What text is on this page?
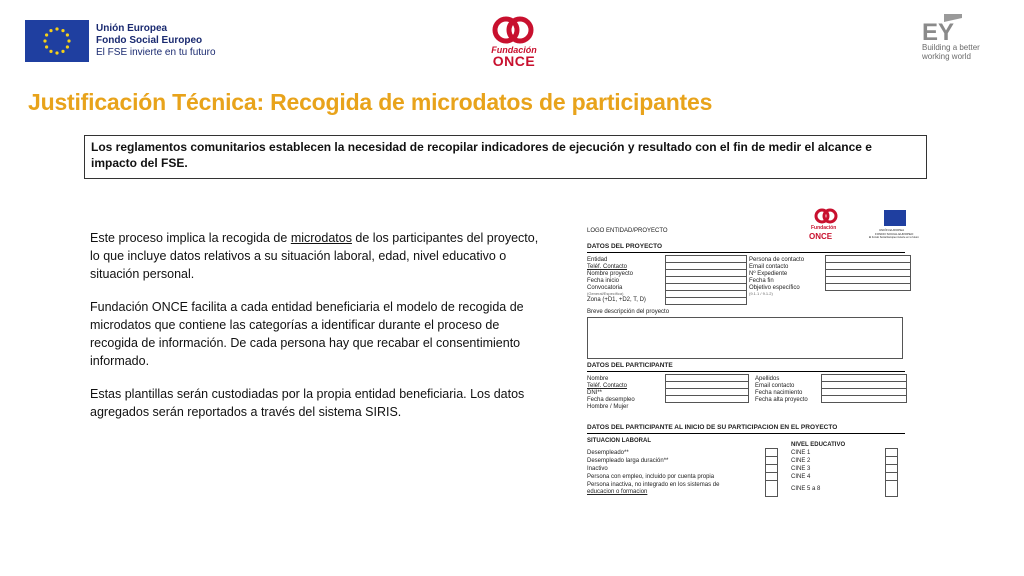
Unión Europea
Fondo Social Europeo
El FSE invierte en tu futuro	Fundación
ONCE
EY
Building a better
working world
Justificación Técnica: Recogida de microdatos de participantes
Los reglamentos comunitarios establecen la necesidad de recopilar indicadores de ejecución y resultado con el fin de medir el alcance e impacto del FSE.

Este proceso implica la recogida de microdatos de los participantes del proyecto, lo que incluye datos relativos a su situación laboral, edad, nivel educativo o situación personal.

Fundación ONCE facilita a cada entidad beneficiaria el modelo de recogida de microdatos que contiene las categorías a identificar durante el proceso de recogida de información. De cada persona hay que recabar el consentimiento informado.

Estas plantillas serán custodiadas por la propia entidad beneficiaria. Los datos agregados serán reportados a través del sistema SIRIS.

LOGO ENTIDAD/PROYECTO	Fundación
ONCE
UNIÓN EUROPEA
FONDO SOCIAL EUROPEO
El Fondo Social Europeo invierte en tu futuro
DATOS DEL PROYECTO
Entidad
Teléf. Contacto
Nombre proyecto
Fecha inicio
Convocatoria
(General/Específica)
Zona (+D1, +D2, T, D)
Persona de contacto
Email contacto
Nº Expediente
Fecha fin
Objetivo específico
(9.1.1 / 9.1.2)
Breve descripción del proyecto
DATOS DEL PARTICIPANTE
Nombre
Teléf. Contacto
DNI**
Fecha desempleo
Hombre / Mujer
Apellidos
Email contacto
Fecha nacimiento
Fecha alta proyecto
DATOS DEL PARTICIPANTE AL INICIO DE SU PARTICIPACION EN EL PROYECTO
SITUACION LABORAL
Desempleado**
Desempleado larga duración**
Inactivo
Persona con empleo, incluido por cuenta propia
Persona inactiva, no integrado en los sistemas de
educacion o formacion
NIVEL EDUCATIVO
CINE 1
CINE 2
CINE 3
CINE 4
CINE 5 a 8
